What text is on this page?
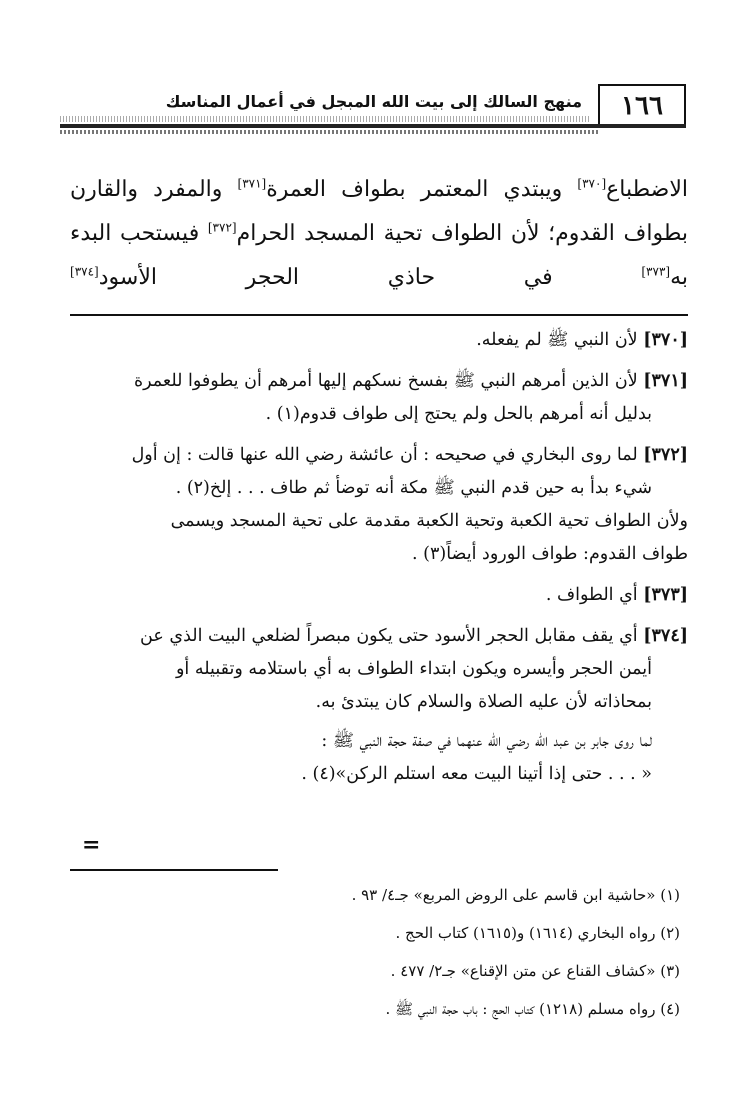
١٦٦
منهج السالك إلى بيت الله المبجل في أعمال المناسك

الاضطباع[٣٧٠] ويبتدي المعتمر بطواف العمرة[٣٧١] والمفرد والقارن

بطواف القدوم؛ لأن الطواف تحية المسجد الحرام[٣٧٢] فيستحب البدء

به[٣٧٣] في حاذي الحجر الأسود[٣٧٤]

[٣٧٠] لأن النبي ﷺ لم يفعله.

[٣٧١] لأن الذين أمرهم النبي ﷺ بفسخ نسكهم إليها أمرهم أن يطوفوا للعمرة

بدليل أنه أمرهم بالحل ولم يحتج إلى طواف قدوم(١) .

[٣٧٢] لما روى البخاري في صحيحه : أن عائشة رضي الله عنها قالت : إن أول

شيء بدأ به حين قدم النبي ﷺ مكة أنه توضأ ثم طاف . . . إلخ(٢) .

ولأن الطواف تحية الكعبة وتحية الكعبة مقدمة على تحية المسجد ويسمى

طواف القدوم: طواف الورود أيضاً(٣) .

[٣٧٣] أي الطواف .

[٣٧٤] أي يقف مقابل الحجر الأسود حتى يكون مبصراً لضلعي البيت الذي عن

أيمن الحجر وأيسره ويكون ابتداء الطواف به أي باستلامه وتقبيله أو

بمحاذاته لأن عليه الصلاة والسلام كان يبتدئ به.

لما روى جابر بن عبد الله رضي الله عنهما في صفة حجة النبي ﷺ :

« . . . حتى إذا أتينا البيت معه استلم الركن»(٤) .

=

(١) «حاشية ابن قاسم على الروض المربع» جـ٤/ ٩٣ .

(٢) رواه البخاري (١٦١٤) و(١٦١٥) كتاب الحج .

(٣) «كشاف القناع عن متن الإقناع» جـ٢/ ٤٧٧ .

(٤) رواه مسلم (١٢١٨) كتاب الحج : باب حجة النبي ﷺ .
